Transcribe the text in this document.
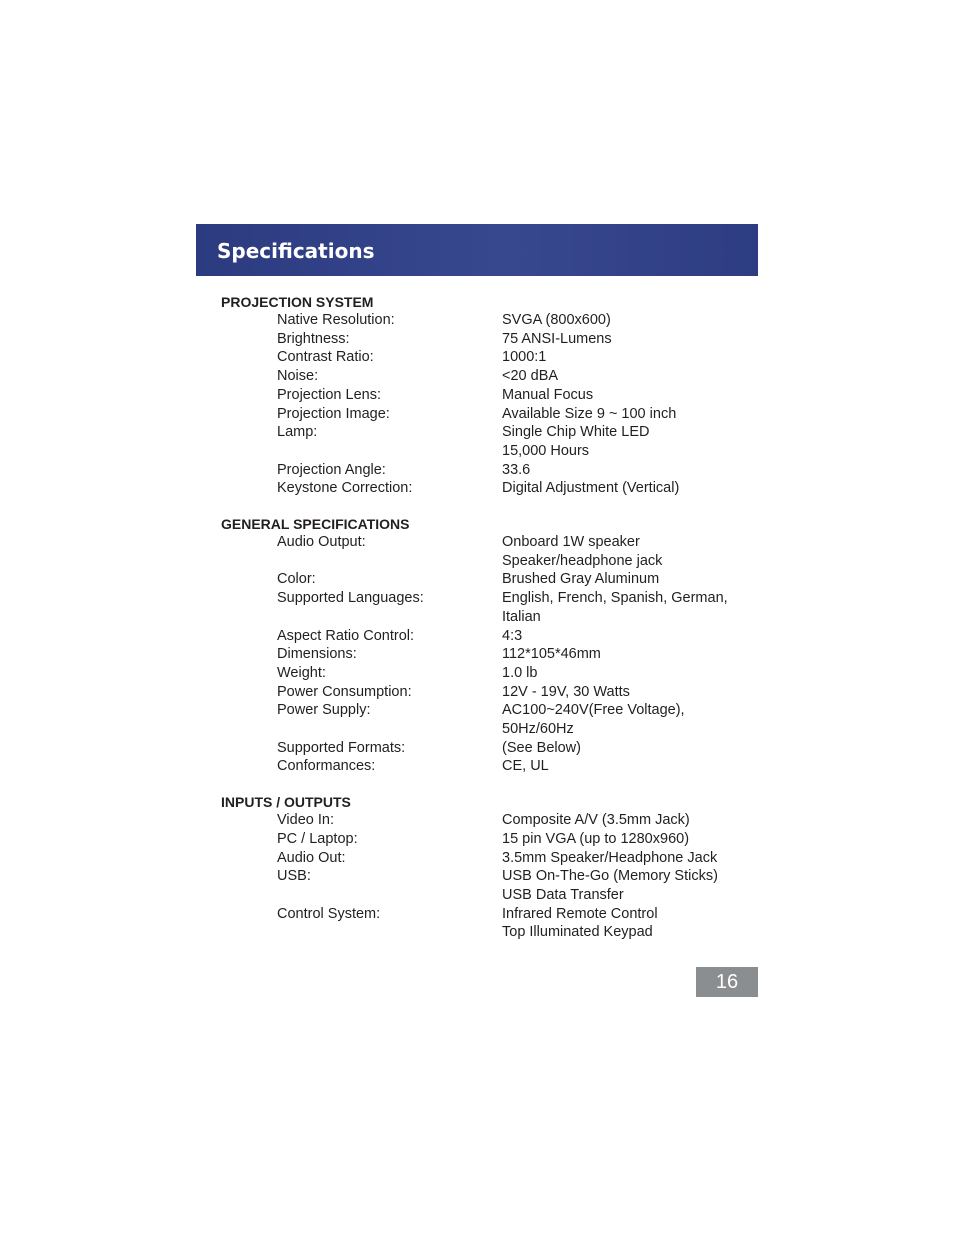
Specifications
PROJECTION SYSTEM
Native Resolution:	SVGA (800x600)
Brightness:	75 ANSI-Lumens
Contrast Ratio:	1000:1
Noise:	<20 dBA
Projection Lens:	Manual Focus
Projection Image:	Available Size 9 ~ 100 inch
Lamp:	Single Chip White LED
15,000 Hours
Projection Angle:	33.6
Keystone Correction:	Digital Adjustment (Vertical)
GENERAL SPECIFICATIONS
Audio Output:	Onboard 1W speaker
Speaker/headphone jack
Color:	Brushed Gray Aluminum
Supported Languages:	English, French, Spanish, German,
Italian
Aspect Ratio Control:	4:3
Dimensions:	112*105*46mm
Weight:	1.0 lb
Power Consumption:	12V - 19V, 30 Watts
Power Supply:	AC100~240V(Free Voltage),
50Hz/60Hz
Supported Formats:	(See Below)
Conformances:	CE, UL
INPUTS / OUTPUTS
Video In:	Composite A/V (3.5mm Jack)
PC / Laptop:	15 pin VGA (up to 1280x960)
Audio Out:	3.5mm Speaker/Headphone Jack
USB:	USB On-The-Go (Memory Sticks)
USB Data Transfer
Control System:	Infrared Remote Control
Top Illuminated Keypad
16
